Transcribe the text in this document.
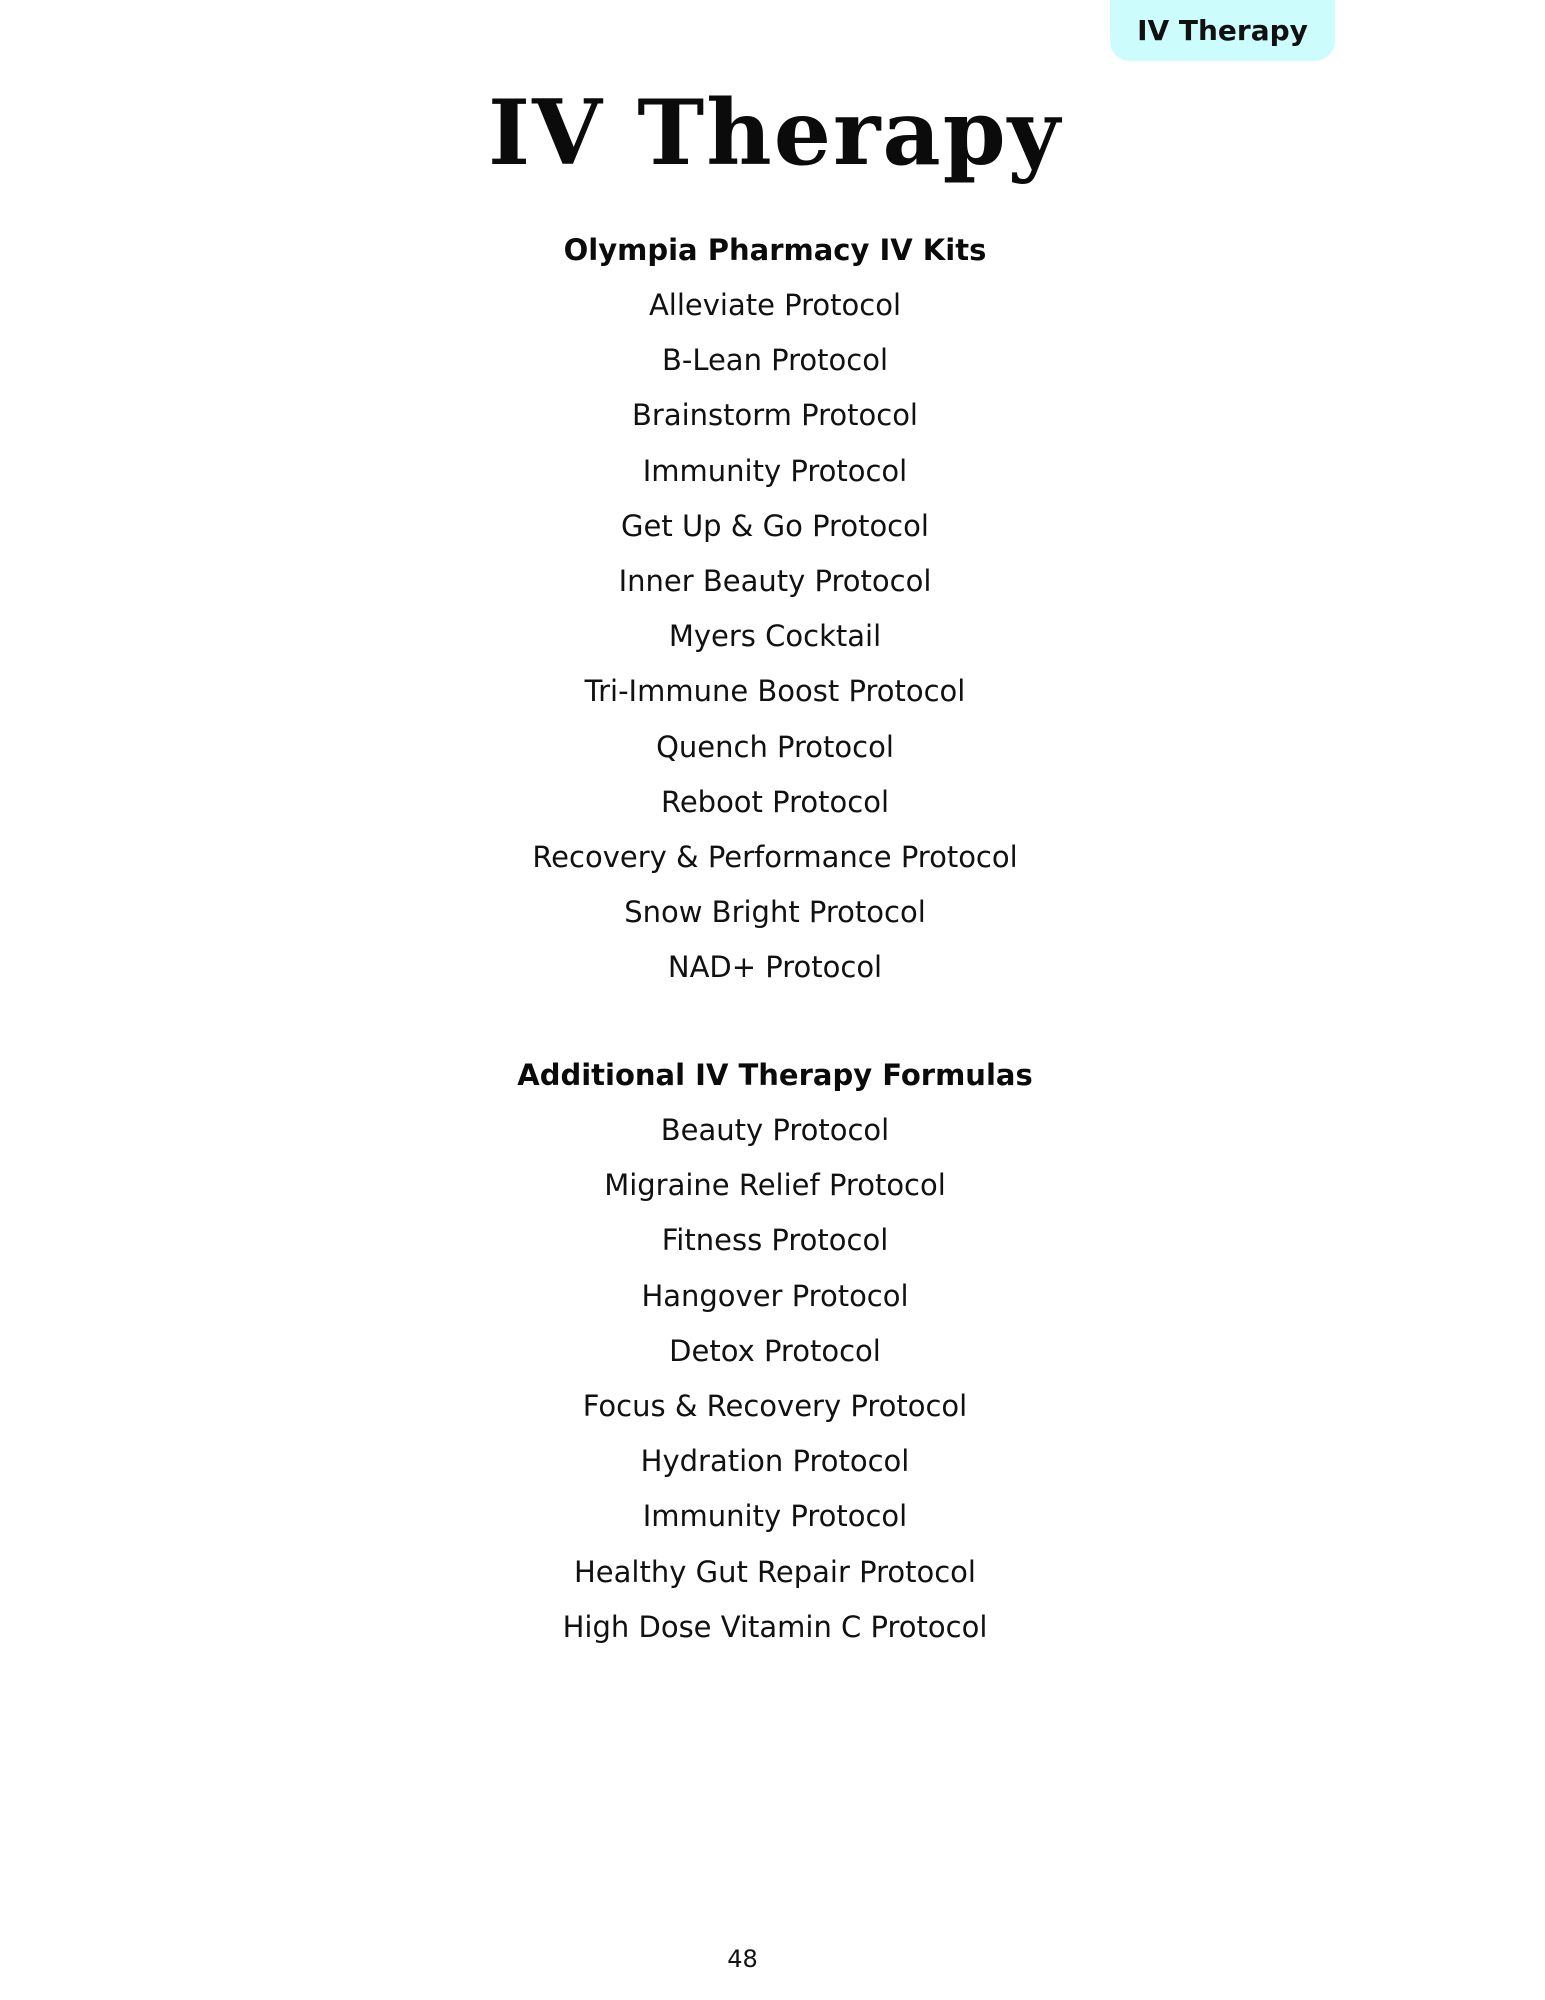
IV Therapy
IV Therapy
Olympia Pharmacy IV Kits
Alleviate Protocol
B-Lean Protocol
Brainstorm Protocol
Immunity Protocol
Get Up & Go Protocol
Inner Beauty Protocol
Myers Cocktail
Tri-Immune Boost Protocol
Quench Protocol
Reboot Protocol
Recovery & Performance Protocol
Snow Bright Protocol
NAD+ Protocol
Additional IV Therapy Formulas
Beauty Protocol
Migraine Relief Protocol
Fitness Protocol
Hangover Protocol
Detox Protocol
Focus & Recovery Protocol
Hydration Protocol
Immunity Protocol
Healthy Gut Repair Protocol
High Dose Vitamin C Protocol
48
